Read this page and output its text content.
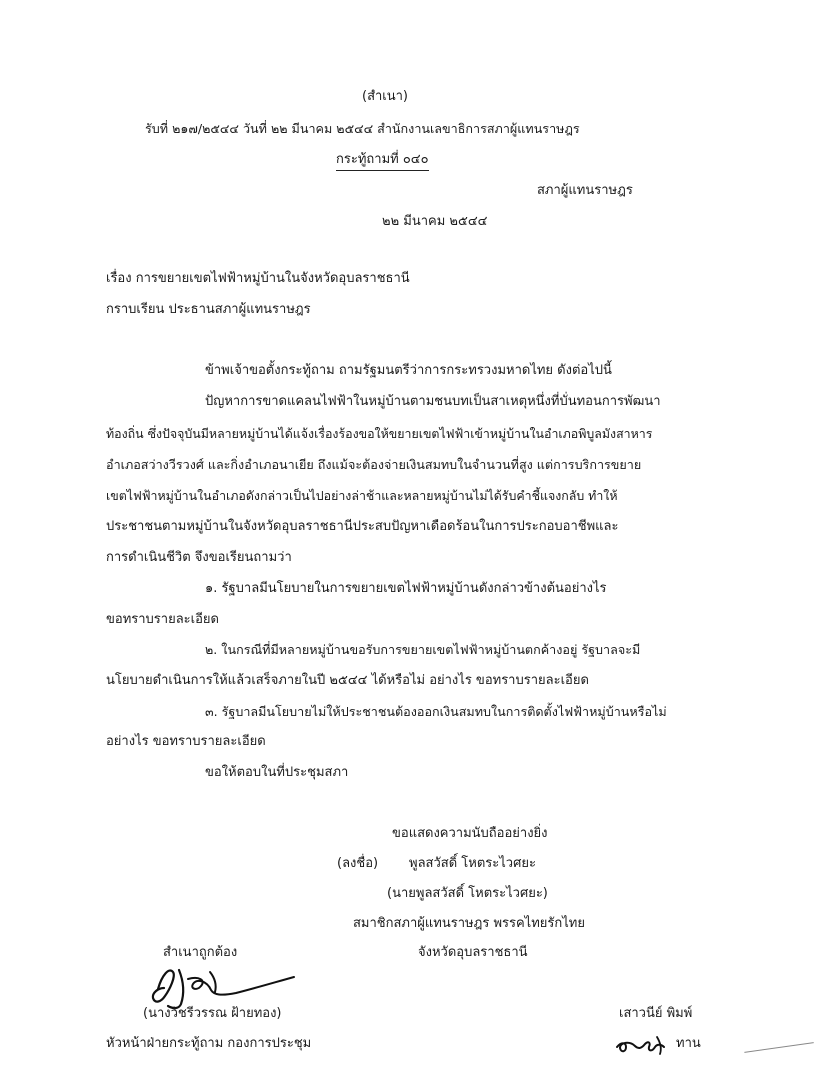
(สำเนา)
รับที่ ๒๑๗/๒๕๔๔ วันที่ ๒๒ มีนาคม ๒๕๔๔ สำนักงานเลขาธิการสภาผู้แทนราษฎร
กระทู้ถามที่ ๐๔๐
สภาผู้แทนราษฎร
๒๒ มีนาคม ๒๕๔๔
เรื่อง การขยายเขตไฟฟ้าหมู่บ้านในจังหวัดอุบลราชธานี
กราบเรียน ประธานสภาผู้แทนราษฎร
ข้าพเจ้าขอตั้งกระทู้ถาม ถามรัฐมนตรีว่าการกระทรวงมหาดไทย ดังต่อไปนี้
ปัญหาการขาดแคลนไฟฟ้าในหมู่บ้านตามชนบทเป็นสาเหตุหนึ่งที่บั่นทอนการพัฒนา
ท้องถิ่น ซึ่งปัจจุบันมีหลายหมู่บ้านได้แจ้งเรื่องร้องขอให้ขยายเขตไฟฟ้าเข้าหมู่บ้านในอำเภอพิบูลมังสาหาร
อำเภอสว่างวีรวงศ์ และกิ่งอำเภอนาเยีย ถึงแม้จะต้องจ่ายเงินสมทบในจำนวนที่สูง แต่การบริการขยาย
เขตไฟฟ้าหมู่บ้านในอำเภอดังกล่าวเป็นไปอย่างล่าช้าและหลายหมู่บ้านไม่ได้รับคำชี้แจงกลับ ทำให้
ประชาชนตามหมู่บ้านในจังหวัดอุบลราชธานีประสบปัญหาเดือดร้อนในการประกอบอาชีพและ
การดำเนินชีวิต จึงขอเรียนถามว่า
๑. รัฐบาลมีนโยบายในการขยายเขตไฟฟ้าหมู่บ้านดังกล่าวข้างต้นอย่างไร
ขอทราบรายละเอียด
๒. ในกรณีที่มีหลายหมู่บ้านขอรับการขยายเขตไฟฟ้าหมู่บ้านตกค้างอยู่ รัฐบาลจะมี
นโยบายดำเนินการให้แล้วเสร็จภายในปี ๒๕๔๔ ได้หรือไม่ อย่างไร ขอทราบรายละเอียด
๓. รัฐบาลมีนโยบายไม่ให้ประชาชนต้องออกเงินสมทบในการติดตั้งไฟฟ้าหมู่บ้านหรือไม่
อย่างไร ขอทราบรายละเอียด
ขอให้ตอบในที่ประชุมสภา
ขอแสดงความนับถืออย่างยิ่ง
(ลงชื่อ) พูลสวัสดิ์ โหตระไวศยะ
(นายพูลสวัสดิ์ โหตระไวศยะ)
สมาชิกสภาผู้แทนราษฎร พรรคไทยรักไทย
จังหวัดอุบลราชธานี
สำเนาถูกต้อง
(นางวัชรีวรรณ ฝ้ายทอง)
หัวหน้าฝ่ายกระทู้ถาม กองการประชุม
เสาวนีย์ พิมพ์
ทาน
